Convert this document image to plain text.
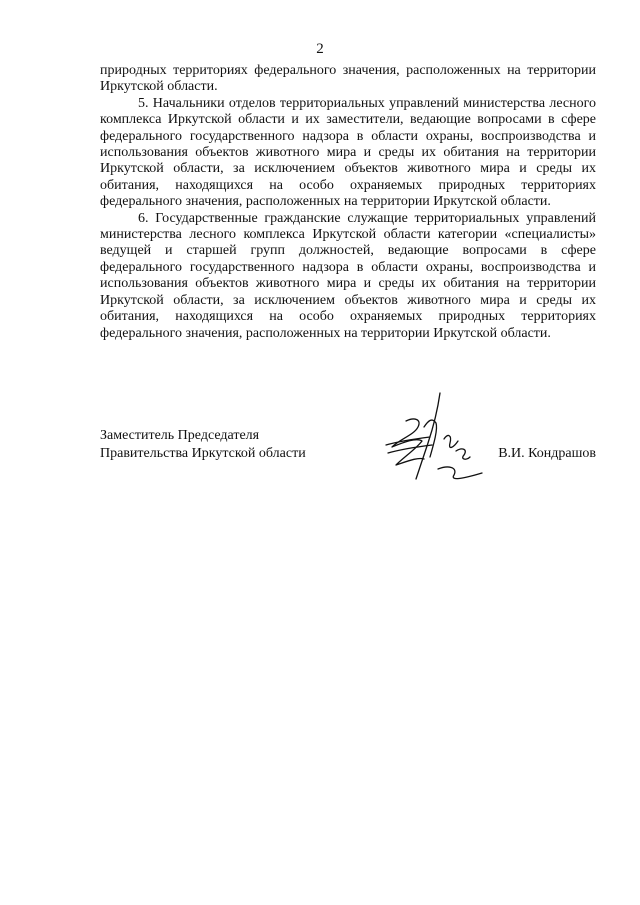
2

природных территориях федерального значения, расположенных на территории Иркутской области.

5. Начальники отделов территориальных управлений министерства лесного комплекса Иркутской области и их заместители, ведающие вопросами в сфере федерального государственного надзора в области охраны, воспроизводства и использования объектов животного мира и среды их обитания на территории Иркутской области, за исключением объектов животного мира и среды их обитания, находящихся на особо охраняемых природных территориях федерального значения, расположенных на территории Иркутской области.

6. Государственные гражданские служащие территориальных управлений министерства лесного комплекса Иркутской области категории «специалисты» ведущей и старшей групп должностей, ведающие вопросами в сфере федерального государственного надзора в области охраны, воспроизводства и использования объектов животного мира и среды их обитания на территории Иркутской области, за исключением объектов животного мира и среды их обитания, находящихся на особо охраняемых природных территориях федерального значения, расположенных на территории Иркутской области.

Заместитель Председателя
Правительства Иркутской области	В.И. Кондрашов
